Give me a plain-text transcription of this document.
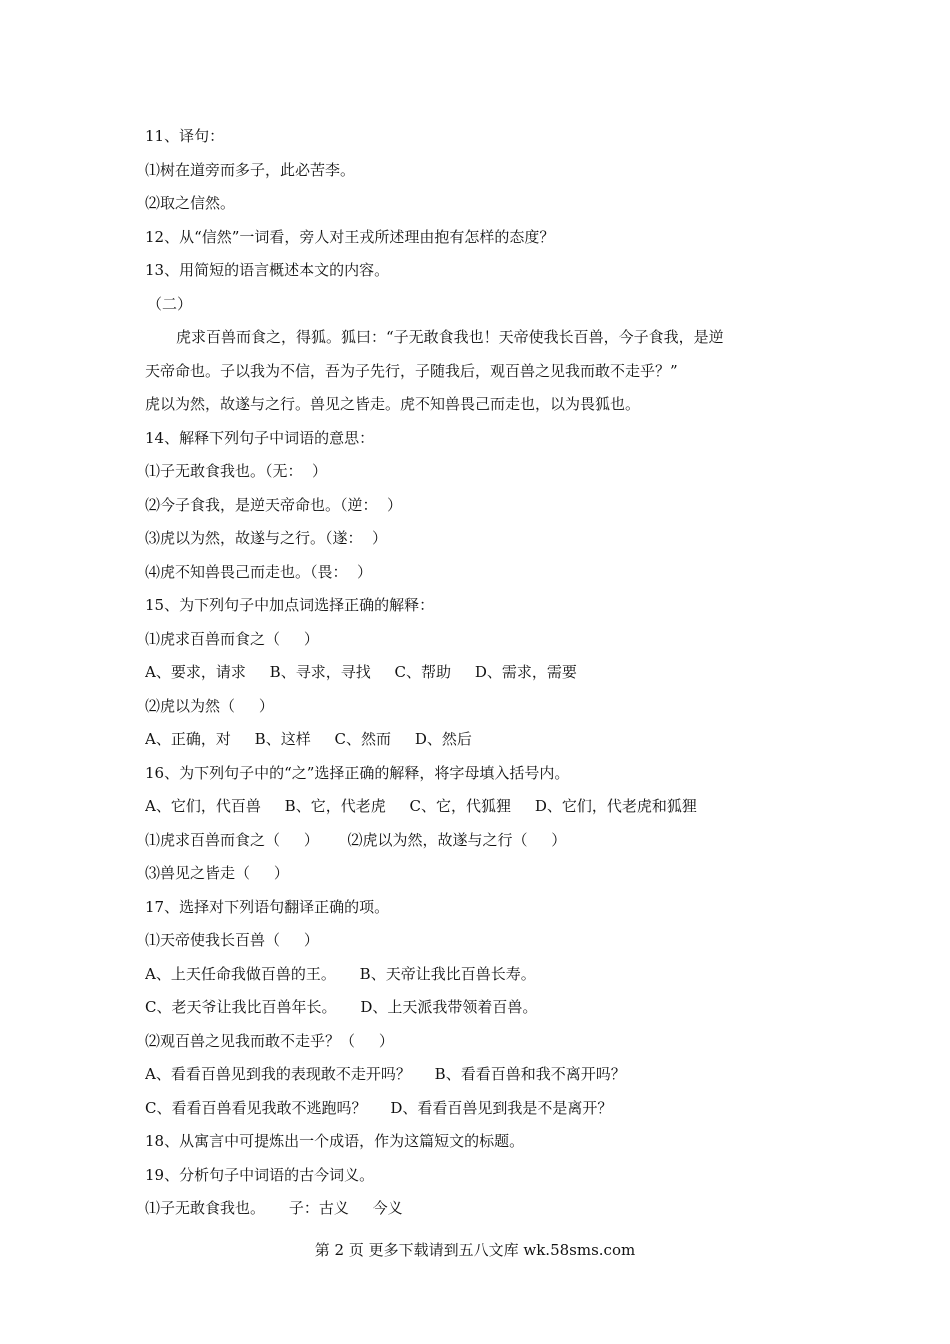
11、译句：
⑴树在道旁而多子，此必苦李。
⑵取之信然。
12、从“信然”一词看，旁人对王戎所述理由抱有怎样的态度？
13、用简短的语言概述本文的内容。
（二）
虎求百兽而食之，得狐。狐曰：“子无敢食我也！天帝使我长百兽，今子食我，是逆
天帝命也。子以我为不信，吾为子先行，子随我后，观百兽之见我而敢不走乎？”
虎以为然，故遂与之行。兽见之皆走。虎不知兽畏己而走也，以为畏狐也。
14、解释下列句子中词语的意思：
⑴子无敢食我也。（无：  ）
⑵今子食我，是逆天帝命也。（逆：  ）
⑶虎以为然，故遂与之行。（遂：  ）
⑷虎不知兽畏己而走也。（畏：  ）
15、为下列句子中加点词选择正确的解释：
⑴虎求百兽而食之（     ）
A、要求，请求     B、寻求，寻找     C、帮助     D、需求，需要
⑵虎以为然（     ）
A、正确，对     B、这样     C、然而     D、然后
16、为下列句子中的“之”选择正确的解释，将字母填入括号内。
A、它们，代百兽     B、它，代老虎     C、它，代狐狸     D、它们，代老虎和狐狸
⑴虎求百兽而食之（     ）      ⑵虎以为然，故遂与之行（     ）
⑶兽见之皆走（     ）
17、选择对下列语句翻译正确的项。
⑴天帝使我长百兽（     ）
A、上天任命我做百兽的王。     B、天帝让我比百兽长寿。
C、老天爷让我比百兽年长。     D、上天派我带领着百兽。
⑵观百兽之见我而敢不走乎？（     ）
A、看看百兽见到我的表现敢不走开吗？     B、看看百兽和我不离开吗？
C、看看百兽看见我敢不逃跑吗？     D、看看百兽见到我是不是离开？
18、从寓言中可提炼出一个成语，作为这篇短文的标题。
19、分析句子中词语的古今词义。
⑴子无敢食我也。     子：古义     今义
第 2 页 更多下载请到五八文库 wk.58sms.com
